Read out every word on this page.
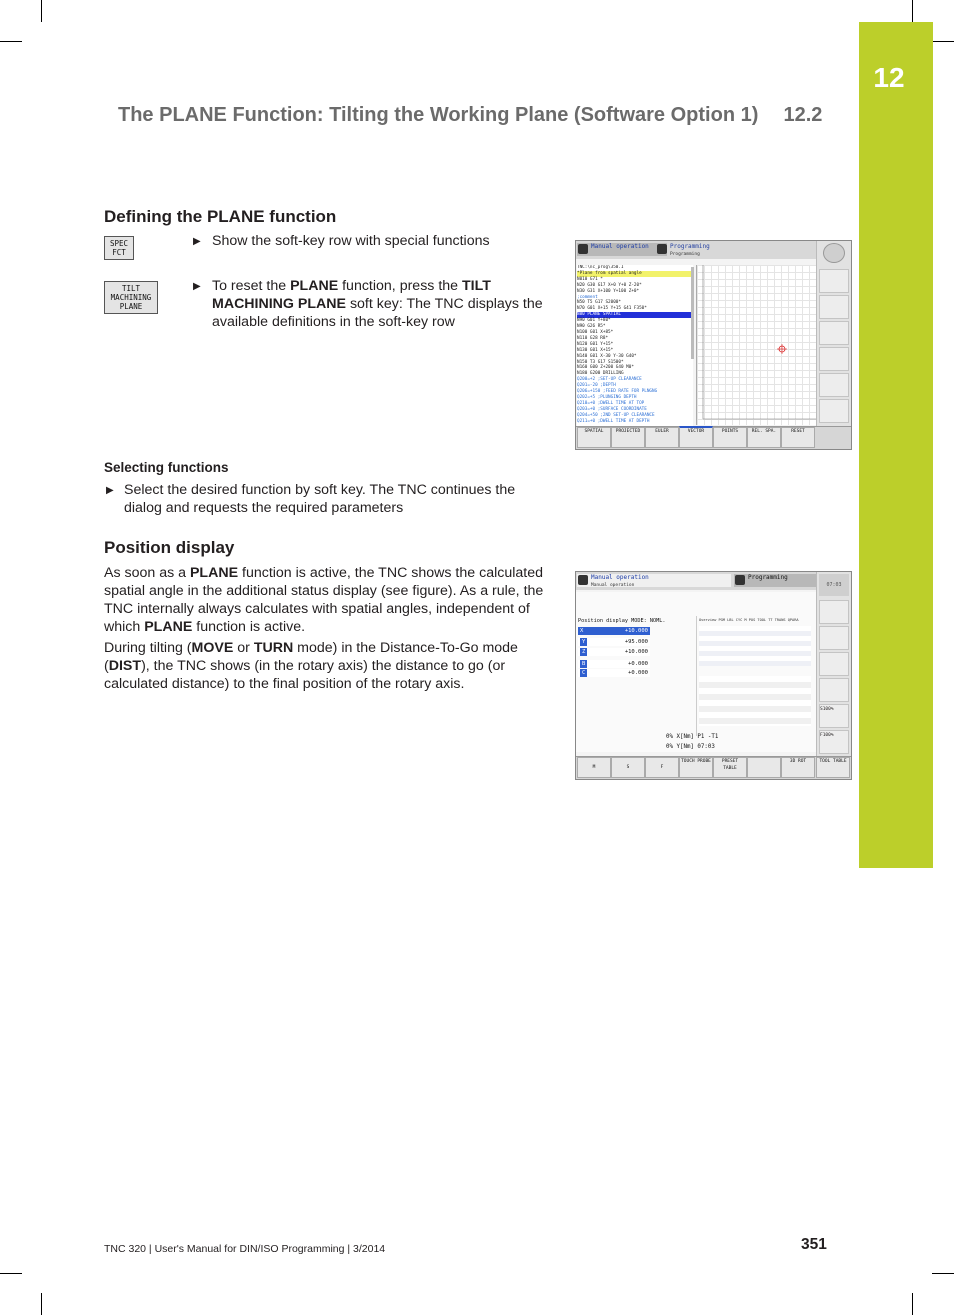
12
The PLANE Function: Tilting the Working Plane (Software Option 1) 12.2
Defining the PLANE function
SPEC FCT
▶ Show the soft-key row with special functions
TILT MACHINING PLANE
▶ To reset the PLANE function, press the TILT MACHINING PLANE soft key: The TNC displays the available definitions in the soft-key row
Manual operation	Programming
Programming
TNC:\nc_prog\350.I
*Plane from spatial angle
N010 G71 *
N20 G30 G17 X+0 Y+0 Z-20*
N30 G31 X+100 Y+100 Z+0*
;comment
N50 T5 G17 S2000*
N70 G01 X+15 Y+15 G41 F350*
N80 PLANE SPATIAL
N90 G01 Y+80*
N90 G26 R5*
N100 G01 X+85*
N110 G28 R8*
N120 G01 Y+15*
N130 G01 X+15*
N140 G01 X-30 Y-30 G40*
N150 T3 G17 S1500*
N160 G00 Z+200 G40 M0*
N180 G200 DRILLING
Q200=+2 ;SET-UP CLEARANCE
Q201=-20 ;DEPTH
Q206=+150 ;FEED RATE FOR PLNGNG
Q202=+5 ;PLUNGING DEPTH
Q210=+0 ;DWELL TIME AT TOP
Q203=+0 ;SURFACE COORDINATE
Q204=+50 ;2ND SET-UP CLEARANCE
Q211=+0 ;DWELL TIME AT DEPTH
SPATIAL	PROJECTED	EULER	VECTOR	POINTS	REL. SPA.	RESET
Selecting functions
▶ Select the desired function by soft key. The TNC continues the dialog and requests the required parameters
Position display
As soon as a PLANE function is active, the TNC shows the calculated spatial angle in the additional status display (see figure). As a rule, the TNC internally always calculates with spatial angles, independent of which PLANE function is active.
During tilting (MOVE or TURN mode) in the Distance-To-Go mode (DIST), the TNC shows (in the rotary axis) the distance to go (or calculated distance) to the final position of the rotary axis.
Manual operation
Manual operation
Programming
Position display MODE: NOML.
X	+10.000
Y	+95.000
Z	+10.000
B	+0.000
C	+0.000
Overview PGM LBL CYC M POS TOOL TT TRANS QPARA
0% X[Nm] P1 -T1
0% Y[Nm] 07:03
07:03
S100%
F100%
M	S	F
TOUCH PROBE	PRESET TABLE
3D ROT	TOOL TABLE
TNC 320 | User's Manual for DIN/ISO Programming | 3/2014	351
